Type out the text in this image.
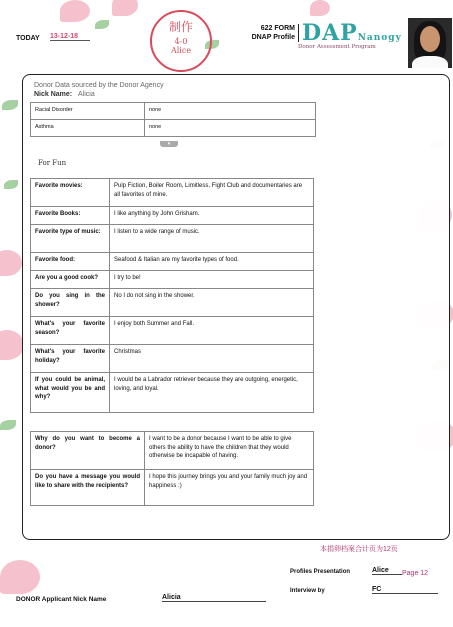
TODAY 13-12-18
制作
4-0
Alice
622 FORM
DNAP Profile DAPNanogy
Donor Assessment Program
Donor Data sourced by the Donor Agency
Nick Name: Alicia
Racial Disorder	none
Asthma	none
▾
For Fun
Favorite movies:	Pulp Fiction, Boiler Room, Limitless, Fight Club and documentaries are all favorites of mine.
Favorite Books:	I like anything by John Grisham.
Favorite type of music:	I listen to a wide range of music.
Favorite food:	Seafood & Italian are my favorite types of food.
Are you a good cook?	I try to be!
Do you sing in the shower?	No I do not sing in the shower.
What's your favorite season?	I enjoy both Summer and Fall.
What's your favorite holiday?	Christmas
If you could be animal, what would you be and why?	I would be a Labrador retriever because they are outgoing, energetic, loving, and loyal.
Why do you want to become a donor?	I want to be a donor because I want to be able to give others the ability to have the children that they would otherwise be incapable of having.
Do you have a message you would like to share with the recipients?	I hope this journey brings you and your family much joy and happiness :)
本捐卵档案合计页为12页
Profiles Presentation	Alice	Page 12
Interview by	FC
DONOR Applicant Nick Name	Alicia
